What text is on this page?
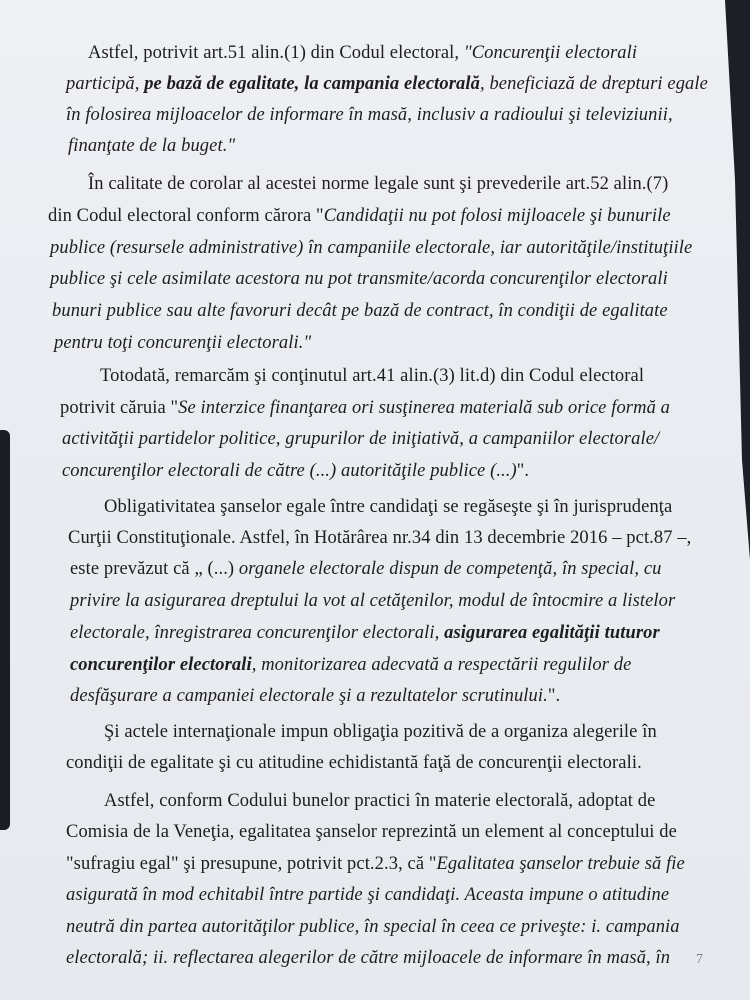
Astfel, potrivit art.51 alin.(1) din Codul electoral, "Concurenţii electorali
participă, pe bază de egalitate, la campania electorală, beneficiază de drepturi egale
în folosirea mijloacelor de informare în masă, inclusiv a radioului şi televiziunii,
finanţate de la buget."
În calitate de corolar al acestei norme legale sunt şi prevederile art.52 alin.(7)
din Codul electoral conform cărora "Candidaţii nu pot folosi mijloacele şi bunurile
publice (resursele administrative) în campaniile electorale, iar autorităţile/instituţiile
publice şi cele asimilate acestora nu pot transmite/acorda concurenţilor electorali
bunuri publice sau alte favoruri decât pe bază de contract, în condiţii de egalitate
pentru toţi concurenţii electorali."
Totodată, remarcăm şi conţinutul art.41 alin.(3) lit.d) din Codul electoral
potrivit căruia "Se interzice finanţarea ori susţinerea materială sub orice formă a
activităţii partidelor politice, grupurilor de iniţiativă, a campaniilor electorale/
concurenţilor electorali de către (...) autorităţile publice (...)".
Obligativitatea şanselor egale între candidaţi se regăseşte şi în jurisprudenţa
Curţii Constituţionale. Astfel, în Hotărârea nr.34 din 13 decembrie 2016 – pct.87 –,
este prevăzut că „ (...) organele electorale dispun de competenţă, în special, cu
privire la asigurarea dreptului la vot al cetăţenilor, modul de întocmire a listelor
electorale, înregistrarea concurenţilor electorali, asigurarea egalităţii tuturor
concurenţilor electorali, monitorizarea adecvată a respectării regulilor de
desfăşurare a campaniei electorale şi a rezultatelor scrutinului.".
Şi actele internaţionale impun obligaţia pozitivă de a organiza alegerile în
condiţii de egalitate şi cu atitudine echidistantă faţă de concurenţii electorali.
Astfel, conform Codului bunelor practici în materie electorală, adoptat de
Comisia de la Veneţia, egalitatea şanselor reprezintă un element al conceptului de
"sufragiu egal" şi presupune, potrivit pct.2.3, că "Egalitatea şanselor trebuie să fie
asigurată în mod echitabil între partide şi candidaţi. Aceasta impune o atitudine
neutră din partea autorităţilor publice, în special în ceea ce priveşte: i. campania
electorală; ii. reflectarea alegerilor de către mijloacele de informare în masă, în 7
